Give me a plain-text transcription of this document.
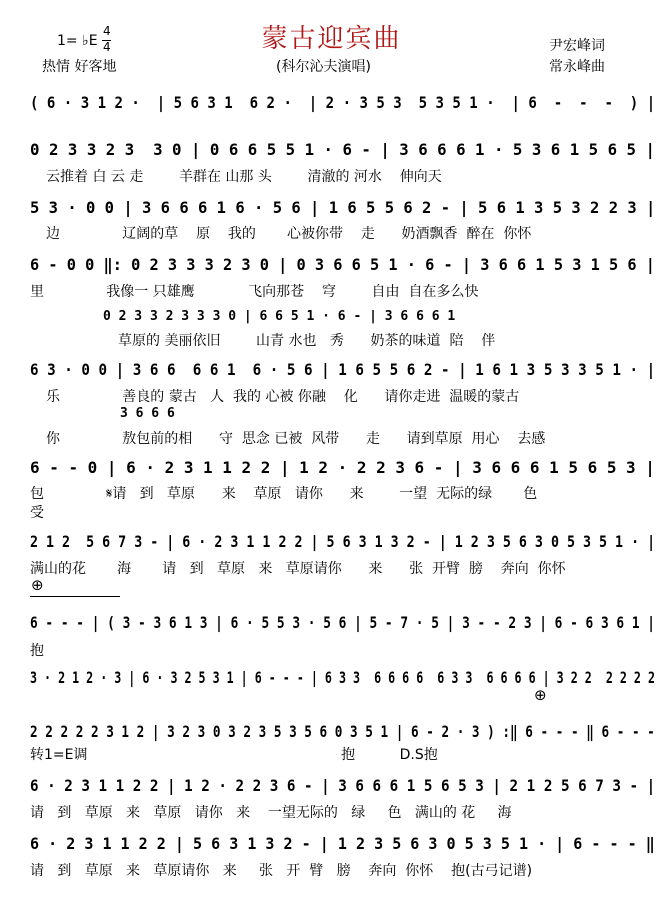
蒙古迎宾曲
1= ♭E
4
4
热情 好客地	(科尔沁夫演唱)
尹宏峰词
常永峰曲
( 6 · 3 1 2 ·  | 5 6 3 1  6 2 ·  | 2 · 3 5 3  5 3 5 1 ·  | 6  -  -  -  ) |
0 2 3 3 2 3  3 0 | 0 6 6 5 5 1 · 6 - | 3 6 6 6 1 · 5 3 6 1 5 6 5 |
云推着 白 云 走        羊群在 山那 头        清澈的 河水    伸向天
5 3 · 0 0 | 3 6 6 6 1 6 · 5 6 | 1 6 5 5 6 2 - | 5 6 1 3 5 3 2 2 3 |
边              辽阔的草    原    我的       心被你带    走      奶酒飘香  醉在  你怀
6 - 0 0 ‖: 0 2 3 3 3 2 3 0 | 0 3 6 6 5 1 · 6 - | 3 6 6 1 5 3 1 5 6 |
里              我像一 只雄鹰            飞向那苍    穹        自由  自在多么快
0 2 3 3 2 3 3 3 0 | 6 6 5 1 · 6 - | 3 6 6 6 1
草原的 美丽依旧        山青 水也   秀      奶茶的味道  陪    伴
6 3 · 0 0 | 3 6 6  6 6 1  6 · 5 6 | 1 6 5 5 6 2 - | 1 6 1 3 5 3 3 5 1 · |
乐              善良的 蒙古   人  我的 心被 你融    化      请你走进  温暖的蒙古
3 6 6 6
你              敖包前的相      守  思念 已被  风带      走      请到草原  用心    去感
6 - - 0 | 6 · 2 3 1 1 2 2 | 1 2 · 2 2 3 6 - | 3 6 6 6 1 5 6 5 3 |
包              𝄋请   到   草原      来    草原   请你      来        一望  无际的绿       色
受
2 1 2  5 6 7 3 - | 6 · 2 3 1 1 2 2 | 5 6 3 1 3 2 - | 1 2 3 5 6 3 0 5 3 5 1 · |
满山的花       海       请   到   草原   来   草原请你      来      张  开臂  膀    奔向  你怀
⊕
6 - - - | ( 3 - 3 6 1 3 | 6 · 5 5 3 · 5 6 | 5 - 7 · 5 | 3 - - 2 3 | 6 - 6 3 6 1 |
抱
3 · 2 1 2 · 3 | 6 · 3 2 5 3 1 | 6 - - - | 6 3 3  6 6 6 6  6 3 3  6 6 6 6 | 3 2 2  2 2 2 2
⊕
2 2 2 2 2 3 1 2 | 3 2 3 0 3 2 3 5 3 5 6 0 3 5 1 | 6 - 2 · 3 ) :‖ 6 - - - ‖ 6 - - -
转1=E调                                                         抱          D.S抱
6 · 2 3 1 1 2 2 | 1 2 · 2 2 3 6 - | 3 6 6 6 1 5 6 5 3 | 2 1 2 5 6 7 3 - |
请   到   草原   来   草原   请你   来    一望无际的   绿     色   满山的 花     海
6 · 2 3 1 1 2 2 | 5 6 3 1 3 2 - | 1 2 3 5 6 3 0 5 3 5 1 · | 6 - - - ‖
请   到   草原   来   草原请你   来     张   开  臂   膀    奔向  你怀    抱(古弓记谱)
